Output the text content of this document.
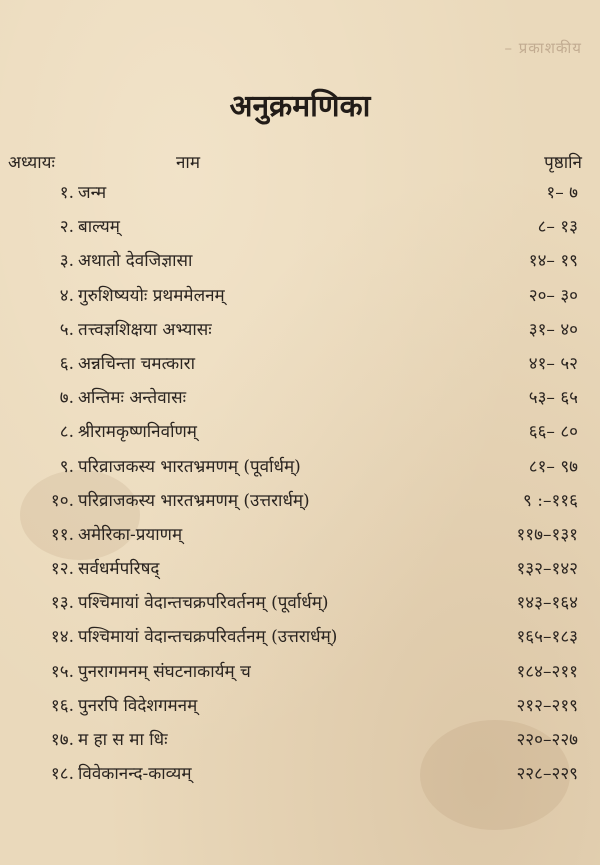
– प्रकाशकीय
अनुक्रमणिका
अध्यायः	नाम	पृष्ठानि
१. जन्म	१– ७
२. बाल्यम्	८– १३
३. अथातो देवजिज्ञासा	१४– १९
४. गुरुशिष्ययोः प्रथममेलनम्	२०– ३०
५. तत्त्वज्ञशिक्षया अभ्यासः	३१– ४०
६. अन्नचिन्ता चमत्कारा	४१– ५२
७. अन्तिमः अन्तेवासः	५३– ६५
८. श्रीरामकृष्णनिर्वाणम्	६६– ८०
९. परिव्राजकस्य भारतभ्रमणम् (पूर्वार्धम्)	८१– ९७
१०. परिव्राजकस्य भारतभ्रमणम् (उत्तरार्धम्)	९ :–११६
११. अमेरिका-प्रयाणम्	११७–१३१
१२. सर्वधर्मपरिषद्	१३२–१४२
१३. पश्चिमायां वेदान्तचक्रपरिवर्तनम् (पूर्वार्धम्)	१४३–१६४
१४. पश्चिमायां वेदान्तचक्रपरिवर्तनम् (उत्तरार्धम्)	१६५–१८३
१५. पुनरागमनम् संघटनाकार्यम् च	१८४–२११
१६. पुनरपि विदेशगमनम्	२१२–२१९
१७. म हा स मा धिः	२२०–२२७
१८. विवेकानन्द-काव्यम्	२२८–२२९
